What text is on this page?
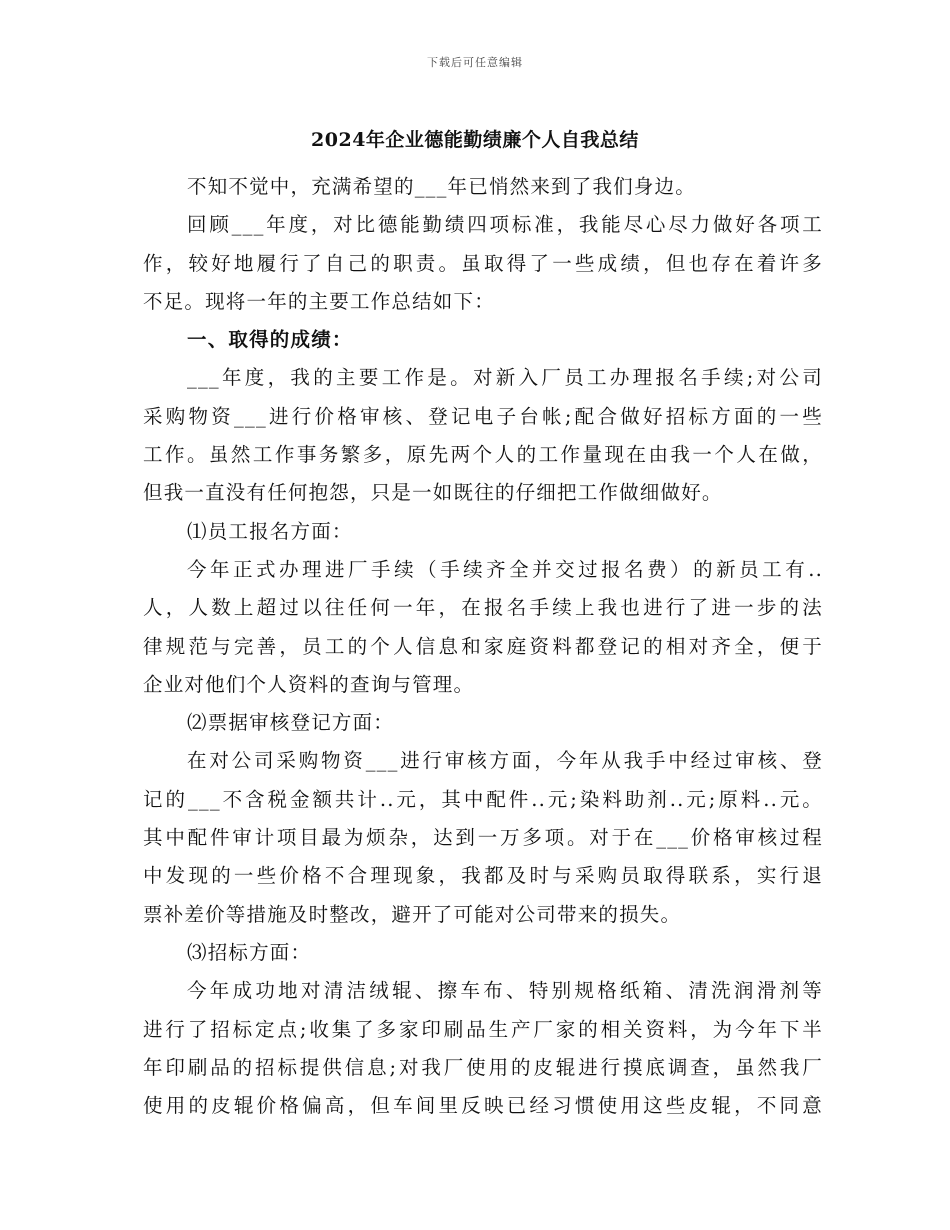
下载后可任意编辑
2024年企业德能勤绩廉个人自我总结
不知不觉中，充满希望的___年已悄然来到了我们身边。
回顾___年度，对比德能勤绩四项标准，我能尽心尽力做好各项工
作，较好地履行了自己的职责。虽取得了一些成绩，但也存在着许多
不足。现将一年的主要工作总结如下：
一、取得的成绩：
___年度，我的主要工作是。对新入厂员工办理报名手续;对公司
采购物资___进行价格审核、登记电子台帐;配合做好招标方面的一些
工作。虽然工作事务繁多，原先两个人的工作量现在由我一个人在做，
但我一直没有任何抱怨，只是一如既往的仔细把工作做细做好。
⑴员工报名方面：
今年正式办理进厂手续（手续齐全并交过报名费）的新员工有..
人，人数上超过以往任何一年，在报名手续上我也进行了进一步的法
律规范与完善，员工的个人信息和家庭资料都登记的相对齐全，便于
企业对他们个人资料的查询与管理。
⑵票据审核登记方面：
在对公司采购物资___进行审核方面，今年从我手中经过审核、登
记的___不含税金额共计..元，其中配件..元;染料助剂..元;原料..元。
其中配件审计项目最为烦杂，达到一万多项。对于在___价格审核过程
中发现的一些价格不合理现象，我都及时与采购员取得联系，实行退
票补差价等措施及时整改，避开了可能对公司带来的损失。
⑶招标方面：
今年成功地对清洁绒辊、擦车布、特别规格纸箱、清洗润滑剂等
进行了招标定点;收集了多家印刷品生产厂家的相关资料，为今年下半
年印刷品的招标提供信息;对我厂使用的皮辊进行摸底调查，虽然我厂
使用的皮辊价格偏高，但车间里反映已经习惯使用这些皮辊，不同意
